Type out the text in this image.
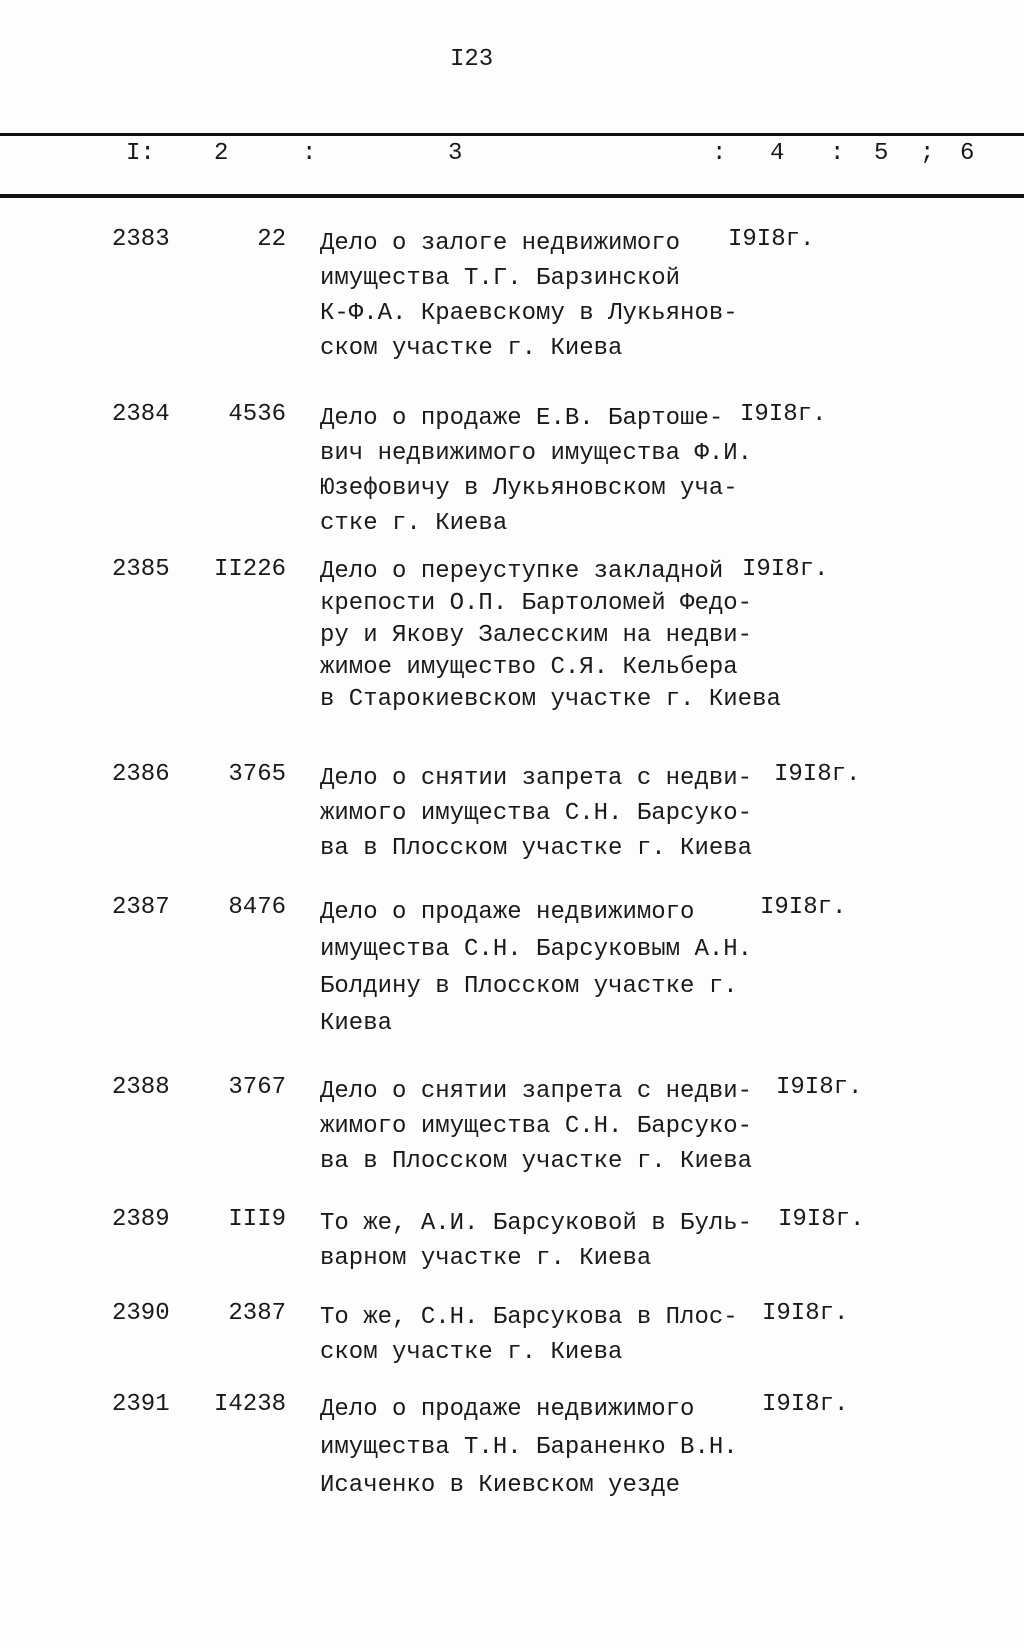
I23
I: 2	:	3	: 4 : 5 ; 6
2383	22 Дело о залоге недвижимого
имущества Т.Г. Барзинской
К-Ф.А. Краевскому в Лукьянов-
ском участке г. Киева
I9I8г.
2384 4536 Дело о продаже Е.В. Бартоше-
вич недвижимого имущества Ф.И.
Юзефовичу в Лукьяновском уча-
стке г. Киева
I9I8г.
2385 II226 Дело о переуступке закладной
крепости О.П. Бартоломей Федо-
ру и Якову Залесским на недви-
жимое имущество С.Я. Кельбера
в Старокиевском участке г. Киева
I9I8г.
2386 3765 Дело о снятии запрета с недви-
жимого имущества С.Н. Барсуко-
ва в Плосском участке г. Киева
I9I8г.
2387 8476 Дело о продаже недвижимого
имущества С.Н. Барсуковым А.Н.
Болдину в Плосском участке г.
Киева
I9I8г.
2388 3767 Дело о снятии запрета с недви-
жимого имущества С.Н. Барсуко-
ва в Плосском участке г. Киева
I9I8г.
2389 III9 То же, А.И. Барсуковой в Буль-
варном участке г. Киева
I9I8г.
2390 2387 То же, С.Н. Барсукова в Плос-
ском участке г. Киева
I9I8г.
2391 I4238 Дело о продаже недвижимого
имущества Т.Н. Бараненко В.Н.
Исаченко в Киевском уезде
I9I8г.
